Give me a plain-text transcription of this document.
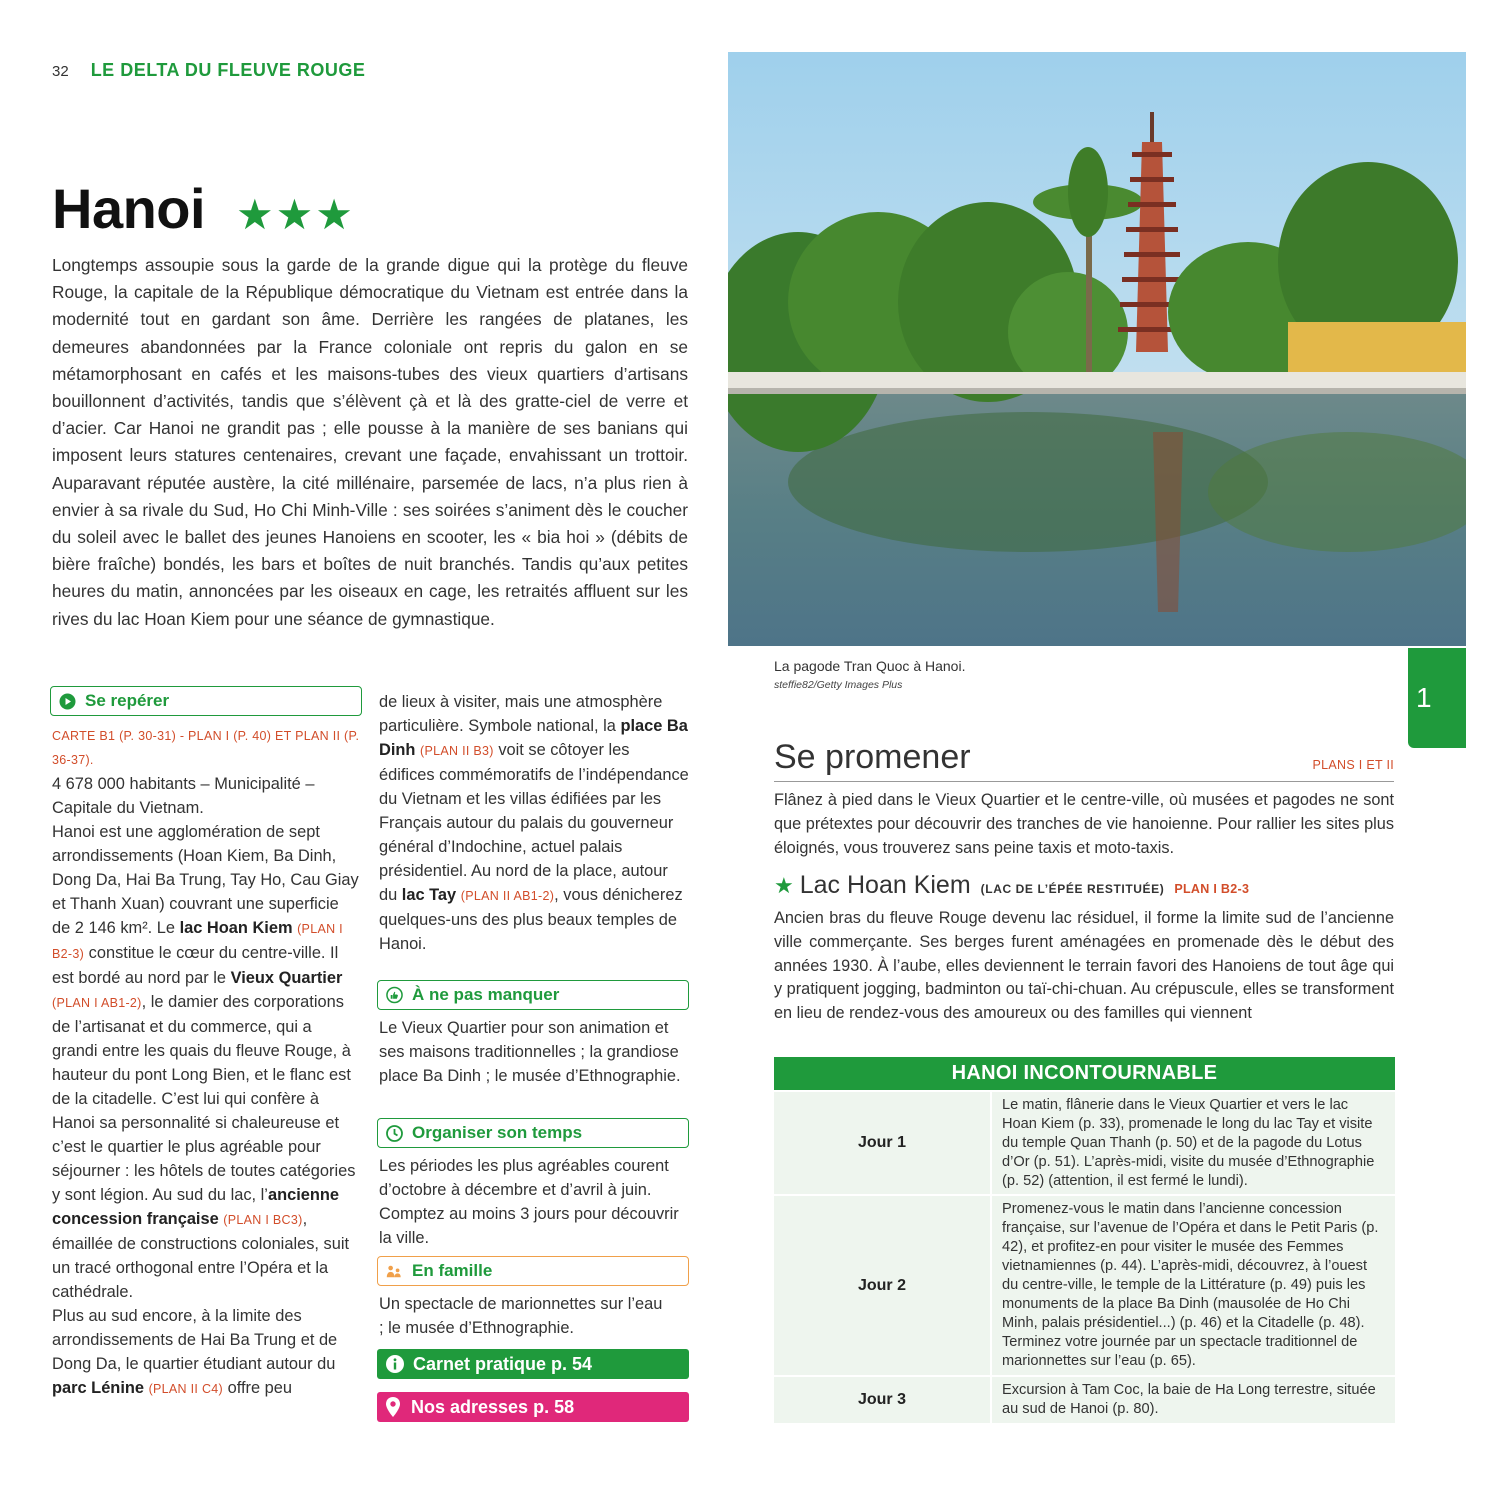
32 LE DELTA DU FLEUVE ROUGE
Hanoi ★★★

Longtemps assoupie sous la garde de la grande digue qui la protège du fleuve Rouge, la capitale de la République démocratique du Vietnam est entrée dans la modernité tout en gardant son âme. Derrière les rangées de platanes, les demeures abandonnées par la France coloniale ont repris du galon en se métamorphosant en cafés et les maisons-tubes des vieux quartiers d’artisans bouillonnent d’activités, tandis que s’élèvent çà et là des gratte-ciel de verre et d’acier. Car Hanoi ne grandit pas ; elle pousse à la manière de ses banians qui imposent leurs statures centenaires, crevant une façade, envahissant un trottoir. Auparavant réputée austère, la cité millénaire, parsemée de lacs, n’a plus rien à envier à sa rivale du Sud, Ho Chi Minh-Ville : ses soirées s’animent dès le coucher du soleil avec le ballet des jeunes Hanoiens en scooter, les « bia hoi » (débits de bière fraîche) bondés, les bars et boîtes de nuit branchés. Tandis qu’aux petites heures du matin, annoncées par les oiseaux en cage, les retraités affluent sur les rives du lac Hoan Kiem pour une séance de gymnastique.

Se repérer
CARTE B1 (P. 30-31) - PLAN I (P. 40) ET PLAN II (P. 36-37).
4 678 000 habitants – Municipalité – Capitale du Vietnam.
Hanoi est une agglomération de sept arrondissements (Hoan Kiem, Ba Dinh, Dong Da, Hai Ba Trung, Tay Ho, Cau Giay et Thanh Xuan) couvrant une superficie de 2 146 km². Le lac Hoan Kiem (PLAN I B2-3) constitue le cœur du centre-ville. Il est bordé au nord par le Vieux Quartier (PLAN I AB1-2), le damier des corporations de l’artisanat et du commerce, qui a grandi entre les quais du fleuve Rouge, à hauteur du pont Long Bien, et le flanc est de la citadelle. C’est lui qui confère à Hanoi sa personnalité si chaleureuse et c’est le quartier le plus agréable pour séjourner : les hôtels de toutes catégories y sont légion. Au sud du lac, l’ancienne concession française (PLAN I BC3), émaillée de constructions coloniales, suit un tracé orthogonal entre l’Opéra et la cathédrale.
Plus au sud encore, à la limite des arrondissements de Hai Ba Trung et de Dong Da, le quartier étudiant autour du parc Lénine (PLAN II C4) offre peu
de lieux à visiter, mais une atmosphère particulière. Symbole national, la place Ba Dinh (PLAN II B3) voit se côtoyer les édifices commémoratifs de l’indépendance du Vietnam et les villas édifiées par les Français autour du palais du gouverneur général d’Indochine, actuel palais présidentiel. Au nord de la place, autour du lac Tay (PLAN II AB1-2), vous dénicherez quelques-uns des plus beaux temples de Hanoi.
À ne pas manquer

Le Vieux Quartier pour son animation et ses maisons traditionnelles ; la grandiose place Ba Dinh ; le musée d’Ethnographie.

Organiser son temps

Les périodes les plus agréables courent d’octobre à décembre et d’avril à juin. Comptez au moins 3 jours pour découvrir la ville.

En famille

Un spectacle de marionnettes sur l’eau ; le musée d’Ethnographie.

Carnet pratique p. 54
Nos adresses p. 58
La pagode Tran Quoc à Hanoi.
steffie82/Getty Images Plus	1
Se promener	PLANS I ET II

Flânez à pied dans le Vieux Quartier et le centre-ville, où musées et pagodes ne sont que prétextes pour découvrir des tranches de vie hanoienne. Pour rallier les sites plus éloignés, vous trouverez sans peine taxis et moto-taxis.

★ Lac Hoan Kiem (LAC DE L’ÉPÉE RESTITUÉE) PLAN I B2-3

Ancien bras du fleuve Rouge devenu lac résiduel, il forme la limite sud de l’ancienne ville commerçante. Ses berges furent aménagées en promenade dès le début des années 1930. À l’aube, elles deviennent le terrain favori des Hanoiens de tout âge qui y pratiquent jogging, badminton ou taï-chi-chuan. Au crépuscule, elles se transforment en lieu de rendez-vous des amoureux ou des familles qui viennent

HANOI INCONTOURNABLE
Jour 1
Le matin, flânerie dans le Vieux Quartier et vers le lac Hoan Kiem (p. 33), promenade le long du lac Tay et visite du temple Quan Thanh (p. 50) et de la pagode du Lotus d’Or (p. 51). L’après-midi, visite du musée d’Ethnographie (p. 52) (attention, il est fermé le lundi).
Jour 2
Promenez-vous le matin dans l’ancienne concession française, sur l’avenue de l’Opéra et dans le Petit Paris (p. 42), et profitez-en pour visiter le musée des Femmes vietnamiennes (p. 44). L’après-midi, découvrez, à l’ouest du centre-ville, le temple de la Littérature (p. 49) puis les monuments de la place Ba Dinh (mausolée de Ho Chi Minh, palais présidentiel...) (p. 46) et la Citadelle (p. 48). Terminez votre journée par un spectacle traditionnel de marionnettes sur l’eau (p. 65).
Jour 3
Excursion à Tam Coc, la baie de Ha Long terrestre, située au sud de Hanoi (p. 80).
